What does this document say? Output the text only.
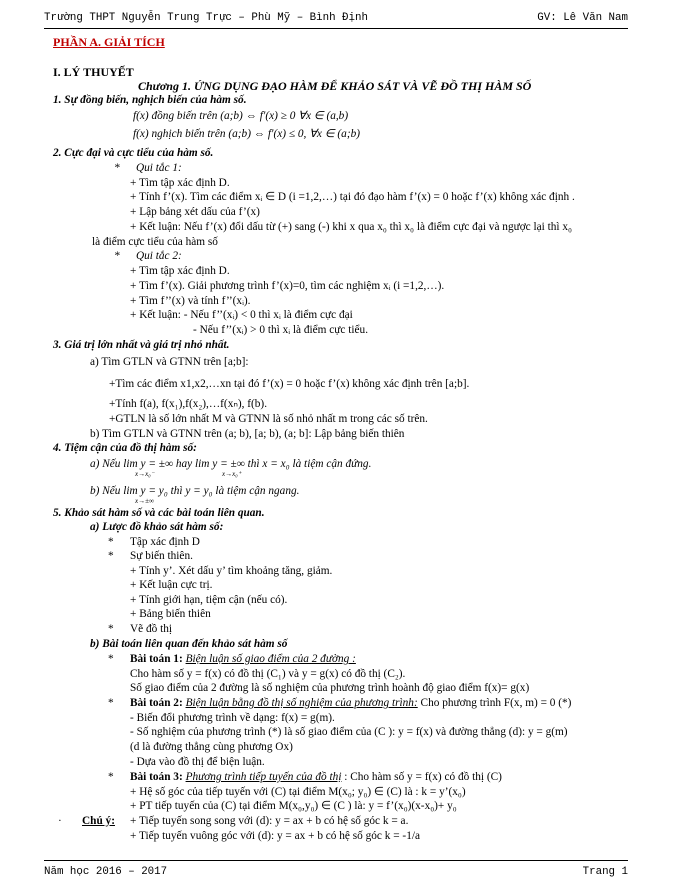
Trường THPT Nguyễn Trung Trực – Phù Mỹ – Bình Định	GV: Lê Văn Nam
PHẦN A. GIẢI TÍCH
I. LÝ THUYẾT
Chương 1. ỨNG DỤNG ĐẠO HÀM ĐỂ KHẢO SÁT VÀ VẼ ĐỒ THỊ HÀM SỐ
1. Sự đồng biến, nghịch biến của hàm số.
f(x) đồng biến trên (a;b) ⇔ f′(x) ≥ 0 ∀x ∈ (a,b)
f(x) nghịch biến trên (a;b) ⇔ f′(x) ≤ 0, ∀x ∈ (a;b)
2. Cực đại và cực tiểu của hàm số.
* Qui tắc 1:
+ Tìm tập xác định D.
+ Tính f’(x). Tìm các điểm xᵢ ∈ D (i =1,2,…) tại đó đạo hàm f’(x) = 0 hoặc f’(x) không xác định .
+ Lập bảng xét dấu của f’(x)
+ Kết luận: Nếu f’(x) đổi dấu từ (+) sang (-) khi x qua x₀ thì x₀ là điểm cực đại và ngược lại thì x₀
là điểm cực tiểu của hàm số
* Qui tắc 2:
+ Tìm tập xác định D.
+ Tìm f’(x). Giải phương trình f’(x)=0, tìm các nghiệm xᵢ (i =1,2,…).
+ Tìm f’’(x) và tính f’’(xᵢ).
+ Kết luận: - Nếu f’’(xᵢ) < 0 thì xᵢ là điểm cực đại
- Nếu f’’(xᵢ) > 0 thì xᵢ là điểm cực tiểu.
3. Giá trị lớn nhất và giá trị nhỏ nhất.
a) Tìm GTLN và GTNN trên [a;b]:
+Tìm các điểm x1,x2,…xn tại đó f’(x) = 0 hoặc f’(x) không xác định trên [a;b].
+Tính f(a), f(x₁),f(x₂),…f(xₙ), f(b).
+GTLN là số lớn nhất M và GTNN là số nhỏ nhất m trong các số trên.
b) Tìm GTLN và GTNN trên (a; b), [a; b), (a; b]: Lập bảng biến thiên
4. Tiệm cận của đồ thị hàm số:
a) Nếu lim y = ±∞ hay lim y = ±∞ thì x = x₀ là tiệm cận đứng.
x→x₀⁻	x→x₀⁺
b) Nếu lim y = y₀ thì y = y₀ là tiệm cận ngang.
x→±∞
5. Khảo sát hàm số và các bài toán liên quan.
a) Lược đồ khảo sát hàm số:
* Tập xác định D
* Sự biến thiên.
+ Tính y’. Xét dấu y’ tìm khoảng tăng, giảm.
+ Kết luận cực trị.
+ Tính giới hạn, tiệm cận (nếu có).
+ Bảng biến thiên
* Vẽ đồ thị
b) Bài toán liên quan đến khảo sát hàm số
* Bài toán 1: Biện luận số giao điểm của 2 đường :
Cho hàm số y = f(x) có đồ thị (C₁) và y = g(x) có đồ thị (C₂).
Số giao điểm của 2 đường là số nghiệm của phương trình hoành độ giao điểm f(x)= g(x)
* Bài toán 2: Biện luận bằng đồ thị số nghiệm của phương trình: Cho phương trình F(x, m) = 0 (*)
- Biến đổi phương trình về dạng: f(x) = g(m).
- Số nghiệm của phương trình (*) là số giao điểm của (C ): y = f(x) và đường thẳng (d): y = g(m)
(d là đường thẳng cùng phương Ox)
- Dựa vào đồ thị để biện luận.
* Bài toán 3: Phương trình tiếp tuyến của đồ thị : Cho hàm số y = f(x) có đồ thị (C)
+ Hệ số góc của tiếp tuyến với (C) tại điểm M(x₀; y₀) ∈ (C) là : k = y’(x₀)
+ PT tiếp tuyến của (C) tại điểm M(x₀,y₀) ∈ (C ) là: y = f’(x₀)(x-x₀)+ y₀
· Chú ý: + Tiếp tuyến song song với (d): y = ax + b có hệ số góc k = a.
+ Tiếp tuyến vuông góc với (d): y = ax + b có hệ số góc k = -1/a
Năm học 2016 – 2017	Trang 1
